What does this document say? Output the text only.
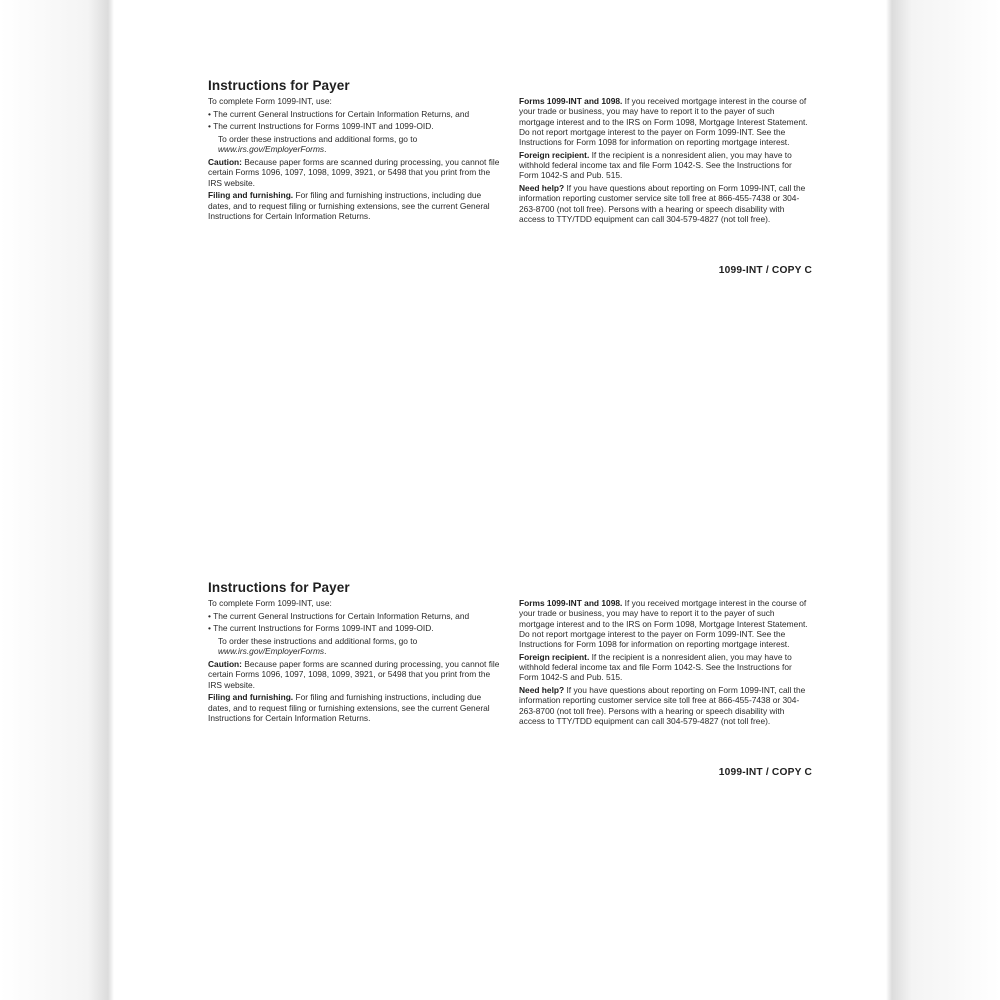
Instructions for Payer

To complete Form 1099-INT, use:

• The current General Instructions for Certain Information Returns, and

• The current Instructions for Forms 1099-INT and 1099-OID.

To order these instructions and additional forms, go to
www.irs.gov/EmployerForms.

Caution: Because paper forms are scanned during processing, you cannot file certain Forms 1096, 1097, 1098, 1099, 3921, or 5498 that you print from the IRS website.

Filing and furnishing. For filing and furnishing instructions, including due dates, and to request filing or furnishing extensions, see the current General Instructions for Certain Information Returns.

Forms 1099-INT and 1098. If you received mortgage interest in the course of your trade or business, you may have to report it to the payer of such mortgage interest and to the IRS on Form 1098, Mortgage Interest Statement. Do not report mortgage interest to the payer on Form 1099-INT. See the Instructions for Form 1098 for information on reporting mortgage interest.

Foreign recipient. If the recipient is a nonresident alien, you may have to withhold federal income tax and file Form 1042-S. See the Instructions for Form 1042-S and Pub. 515.

Need help? If you have questions about reporting on Form 1099-INT, call the information reporting customer service site toll free at 866-455-7438 or 304-263-8700 (not toll free). Persons with a hearing or speech disability with access to TTY/TDD equipment can call 304-579-4827 (not toll free).

1099-INT / COPY C
Instructions for Payer

To complete Form 1099-INT, use:

• The current General Instructions for Certain Information Returns, and

• The current Instructions for Forms 1099-INT and 1099-OID.

To order these instructions and additional forms, go to
www.irs.gov/EmployerForms.

Caution: Because paper forms are scanned during processing, you cannot file certain Forms 1096, 1097, 1098, 1099, 3921, or 5498 that you print from the IRS website.

Filing and furnishing. For filing and furnishing instructions, including due dates, and to request filing or furnishing extensions, see the current General Instructions for Certain Information Returns.

Forms 1099-INT and 1098. If you received mortgage interest in the course of your trade or business, you may have to report it to the payer of such mortgage interest and to the IRS on Form 1098, Mortgage Interest Statement. Do not report mortgage interest to the payer on Form 1099-INT. See the Instructions for Form 1098 for information on reporting mortgage interest.

Foreign recipient. If the recipient is a nonresident alien, you may have to withhold federal income tax and file Form 1042-S. See the Instructions for Form 1042-S and Pub. 515.

Need help? If you have questions about reporting on Form 1099-INT, call the information reporting customer service site toll free at 866-455-7438 or 304-263-8700 (not toll free). Persons with a hearing or speech disability with access to TTY/TDD equipment can call 304-579-4827 (not toll free).

1099-INT / COPY C
